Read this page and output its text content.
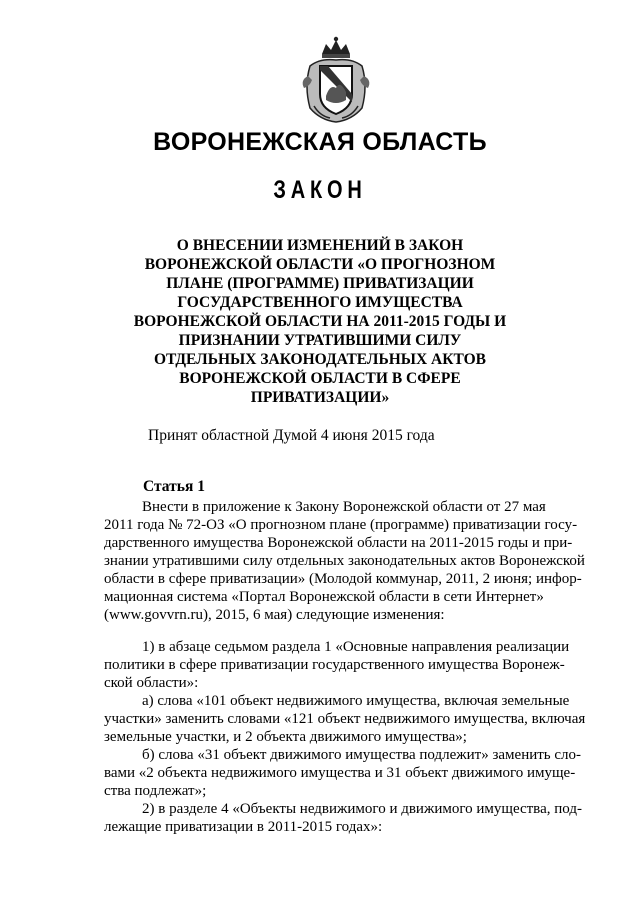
ВОРОНЕЖСКАЯ ОБЛАСТЬ
ЗАКОН
О ВНЕСЕНИИ ИЗМЕНЕНИЙ В ЗАКОН
ВОРОНЕЖСКОЙ ОБЛАСТИ «О ПРОГНОЗНОМ
ПЛАНЕ (ПРОГРАММЕ) ПРИВАТИЗАЦИИ
ГОСУДАРСТВЕННОГО ИМУЩЕСТВА
ВОРОНЕЖСКОЙ ОБЛАСТИ НА 2011-2015 ГОДЫ И
ПРИЗНАНИИ УТРАТИВШИМИ СИЛУ
ОТДЕЛЬНЫХ ЗАКОНОДАТЕЛЬНЫХ АКТОВ
ВОРОНЕЖСКОЙ ОБЛАСТИ В СФЕРЕ
ПРИВАТИЗАЦИИ»
Принят областной Думой 4 июня 2015 года
Статья 1
Внести в приложение к Закону Воронежской области от 27 мая
2011 года № 72-ОЗ «О прогнозном плане (программе) приватизации госу-
дарственного имущества Воронежской области на 2011-2015 годы и при-
знании утратившими силу отдельных законодательных актов Воронежской
области в сфере приватизации» (Молодой коммунар, 2011, 2 июня; инфор-
мационная система «Портал Воронежской области в сети Интернет»
(www.govvrn.ru), 2015, 6 мая) следующие изменения:
1) в абзаце седьмом раздела 1 «Основные направления реализации
политики в сфере приватизации государственного имущества Воронеж-
ской области»:
а) слова «101 объект недвижимого имущества, включая земельные
участки» заменить словами «121 объект недвижимого имущества, включая
земельные участки, и 2 объекта движимого имущества»;
б) слова «31 объект движимого имущества подлежит» заменить сло-
вами «2 объекта недвижимого имущества и 31 объект движимого имуще-
ства подлежат»;
2) в разделе 4 «Объекты недвижимого и движимого имущества, под-
лежащие приватизации в 2011-2015 годах»:
